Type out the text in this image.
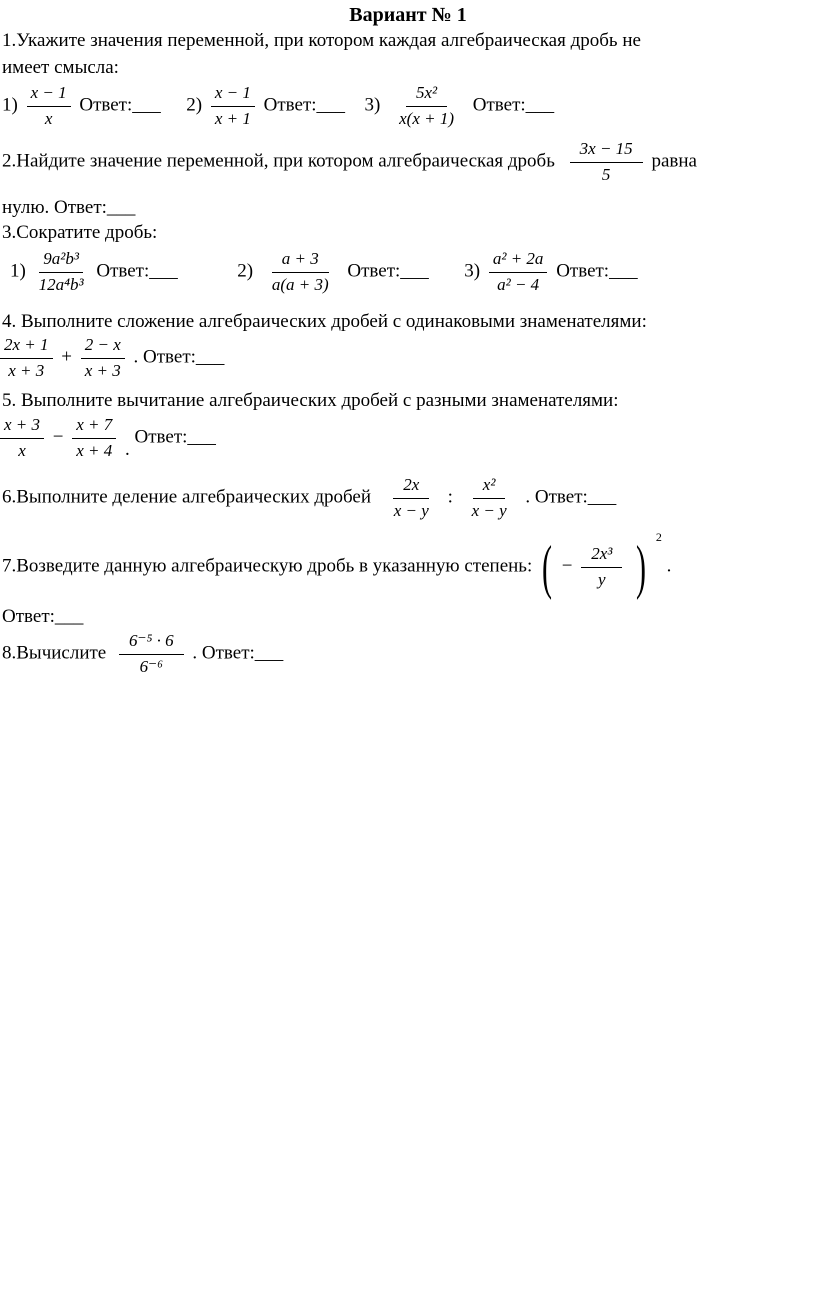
Вариант № 1
1.Укажите значения переменной, при котором каждая алгебраическая дробь не
имеет смысла:
$1) \frac{x - 1}{x}$ Ответ:___ $2) \frac{x - 1}{x + 1}$ Ответ:___ $3) \frac{\text{5x²}}{x(x + 1)}$ Ответ:___
2.Найдите значение переменной, при котором алгебраическая дробь $\frac{3x - 15}{5}$ равна
нулю. Ответ:___
3.Сократите дробь:
$1) \frac{\text{9a²b³}}{\text{12a⁴b³}}$ Ответ:___	$2) \frac{a + 3}{a(a + 3)}$ Ответ:___ $3) \frac{\text{a² + 2a}}{\text{a² − 4}}$ Ответ:___
4. Выполните сложение алгебраических дробей с одинаковыми знаменателями:
$\frac{2x + 1}{x + 3} + \frac{2 - x}{x + 3}$ . Ответ:___
5. Выполните вычитание алгебраических дробей с разными знаменателями:
$\frac{x + 3}{x} - \frac{x + 7}{x + 4}$ . Ответ:___
6.Выполните деление алгебраических дробей $\frac{2x}{x - y}$ : $\frac{\text{x²}}{x - y}$ . Ответ:___
7.Возведите данную алгебраическую дробь в указанную степень: ( − $\frac{\text{2x³}}{y}$ ) $^2$ .
Ответ:___
8.Вычислите $\frac{\text{6⁻⁵ · 6}}{\text{6⁻⁶}}$ . Ответ:___
